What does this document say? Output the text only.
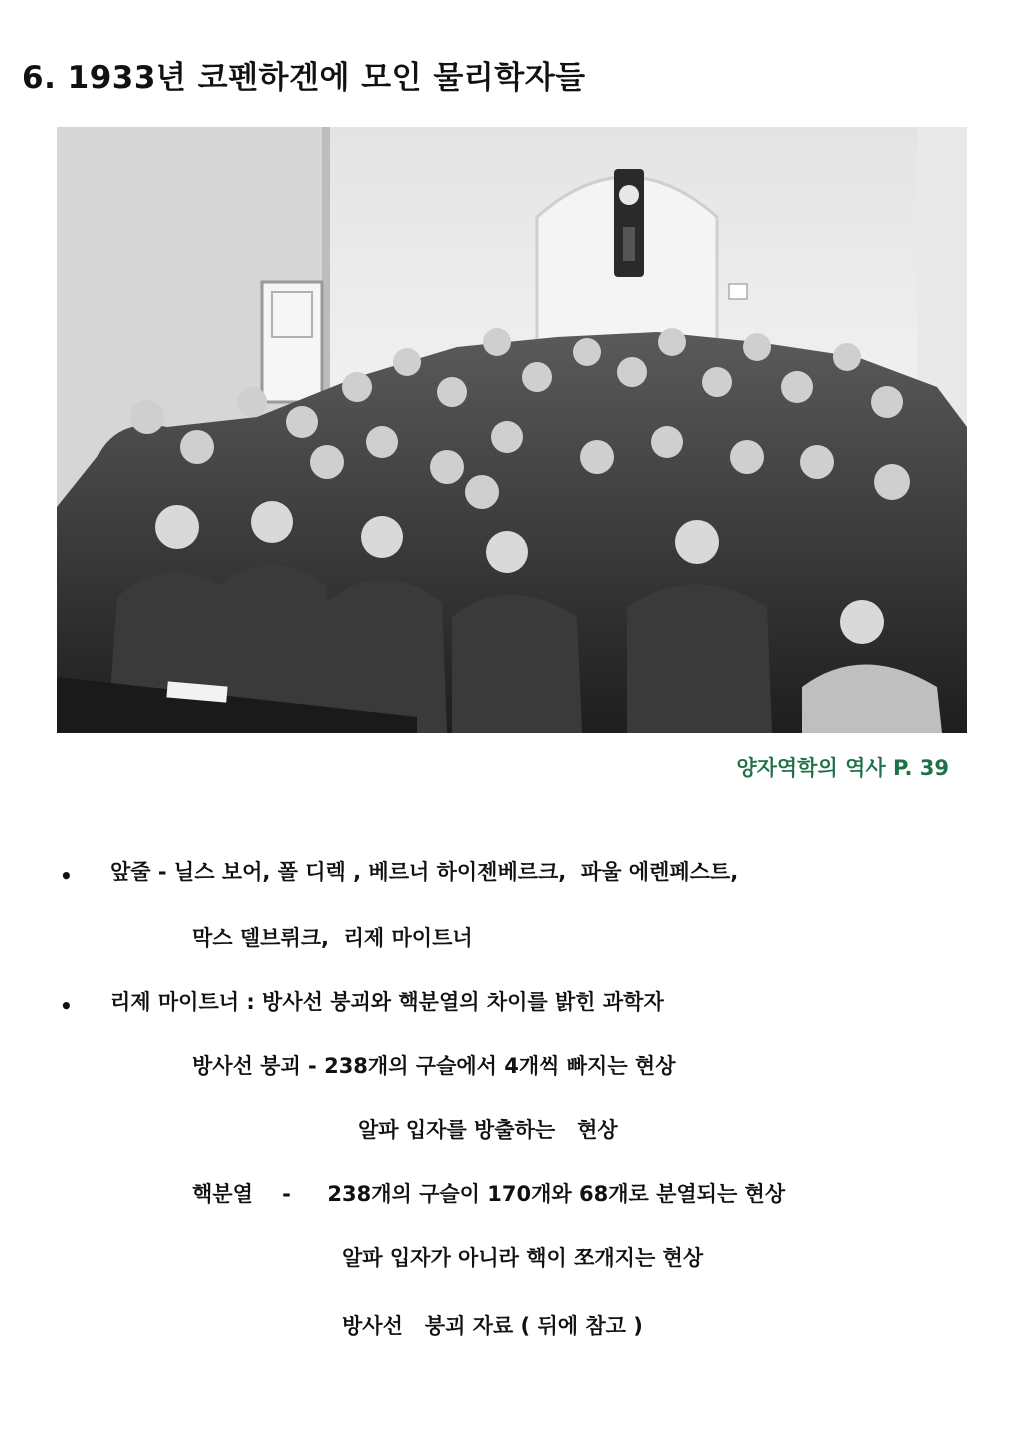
6. 1933년 코펜하겐에 모인 물리학자들
양자역학의 역사 P. 39
• 앞줄 - 닐스 보어, 폴 디렉 , 베르너 하이젠베르크,  파울 에렌페스트,
막스 델브뤼크,  리제 마이트너
• 리제 마이트너 : 방사선 붕괴와 핵분열의 차이를 밝힌 과학자
방사선 붕괴 - 238개의 구슬에서 4개씩 빠지는 현상
알파 입자를 방출하는   현상
핵분열    -     238개의 구슬이 170개와 68개로 분열되는 현상
알파 입자가 아니라 핵이 쪼개지는 현상
방사선   붕괴 자료 ( 뒤에 참고 )
